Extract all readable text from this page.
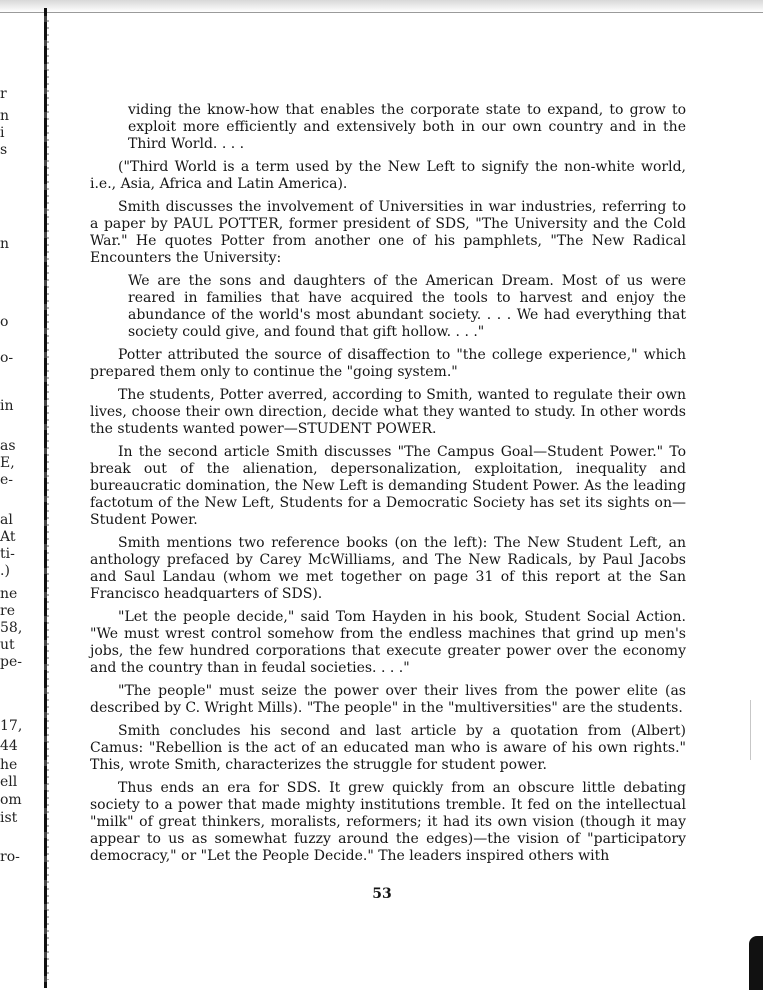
r
n
i
s
n
o
o-
in
as
E,
e-
al
At
ti-
.)
ne
re
58,
ut
pe-
17,
44
he
ell
om
ist
ro-

viding the know-how that enables the corporate state to expand, to grow to exploit more efficiently and extensively both in our own country and in the Third World. . . .

("Third World is a term used by the New Left to signify the non-white world, i.e., Asia, Africa and Latin America).

Smith discusses the involvement of Universities in war industries, referring to a paper by PAUL POTTER, former president of SDS, "The University and the Cold War." He quotes Potter from another one of his pamphlets, "The New Radical Encounters the University:

We are the sons and daughters of the American Dream. Most of us were reared in families that have acquired the tools to harvest and enjoy the abundance of the world's most abundant society. . . . We had everything that society could give, and found that gift hollow. . . ."

Potter attributed the source of disaffection to "the college experience," which prepared them only to continue the "going system."

The students, Potter averred, according to Smith, wanted to regulate their own lives, choose their own direction, decide what they wanted to study. In other words the students wanted power—STUDENT POWER.

In the second article Smith discusses "The Campus Goal—Student Power." To break out of the alienation, depersonalization, exploitation, inequality and bureaucratic domination, the New Left is demanding Student Power. As the leading factotum of the New Left, Students for a Democratic Society has set its sights on—Student Power.

Smith mentions two reference books (on the left): The New Student Left, an anthology prefaced by Carey McWilliams, and The New Radicals, by Paul Jacobs and Saul Landau (whom we met together on page 31 of this report at the San Francisco headquarters of SDS).

"Let the people decide," said Tom Hayden in his book, Student Social Action. "We must wrest control somehow from the endless machines that grind up men's jobs, the few hundred corporations that execute greater power over the economy and the country than in feudal societies. . . ."

"The people" must seize the power over their lives from the power elite (as described by C. Wright Mills). "The people" in the "multiversities" are the students.

Smith concludes his second and last article by a quotation from (Albert) Camus: "Rebellion is the act of an educated man who is aware of his own rights." This, wrote Smith, characterizes the struggle for student power.

Thus ends an era for SDS. It grew quickly from an obscure little debating society to a power that made mighty institutions tremble. It fed on the intellectual "milk" of great thinkers, moralists, reformers; it had its own vision (though it may appear to us as somewhat fuzzy around the edges)—the vision of "participatory democracy," or "Let the People Decide." The leaders inspired others with

53
